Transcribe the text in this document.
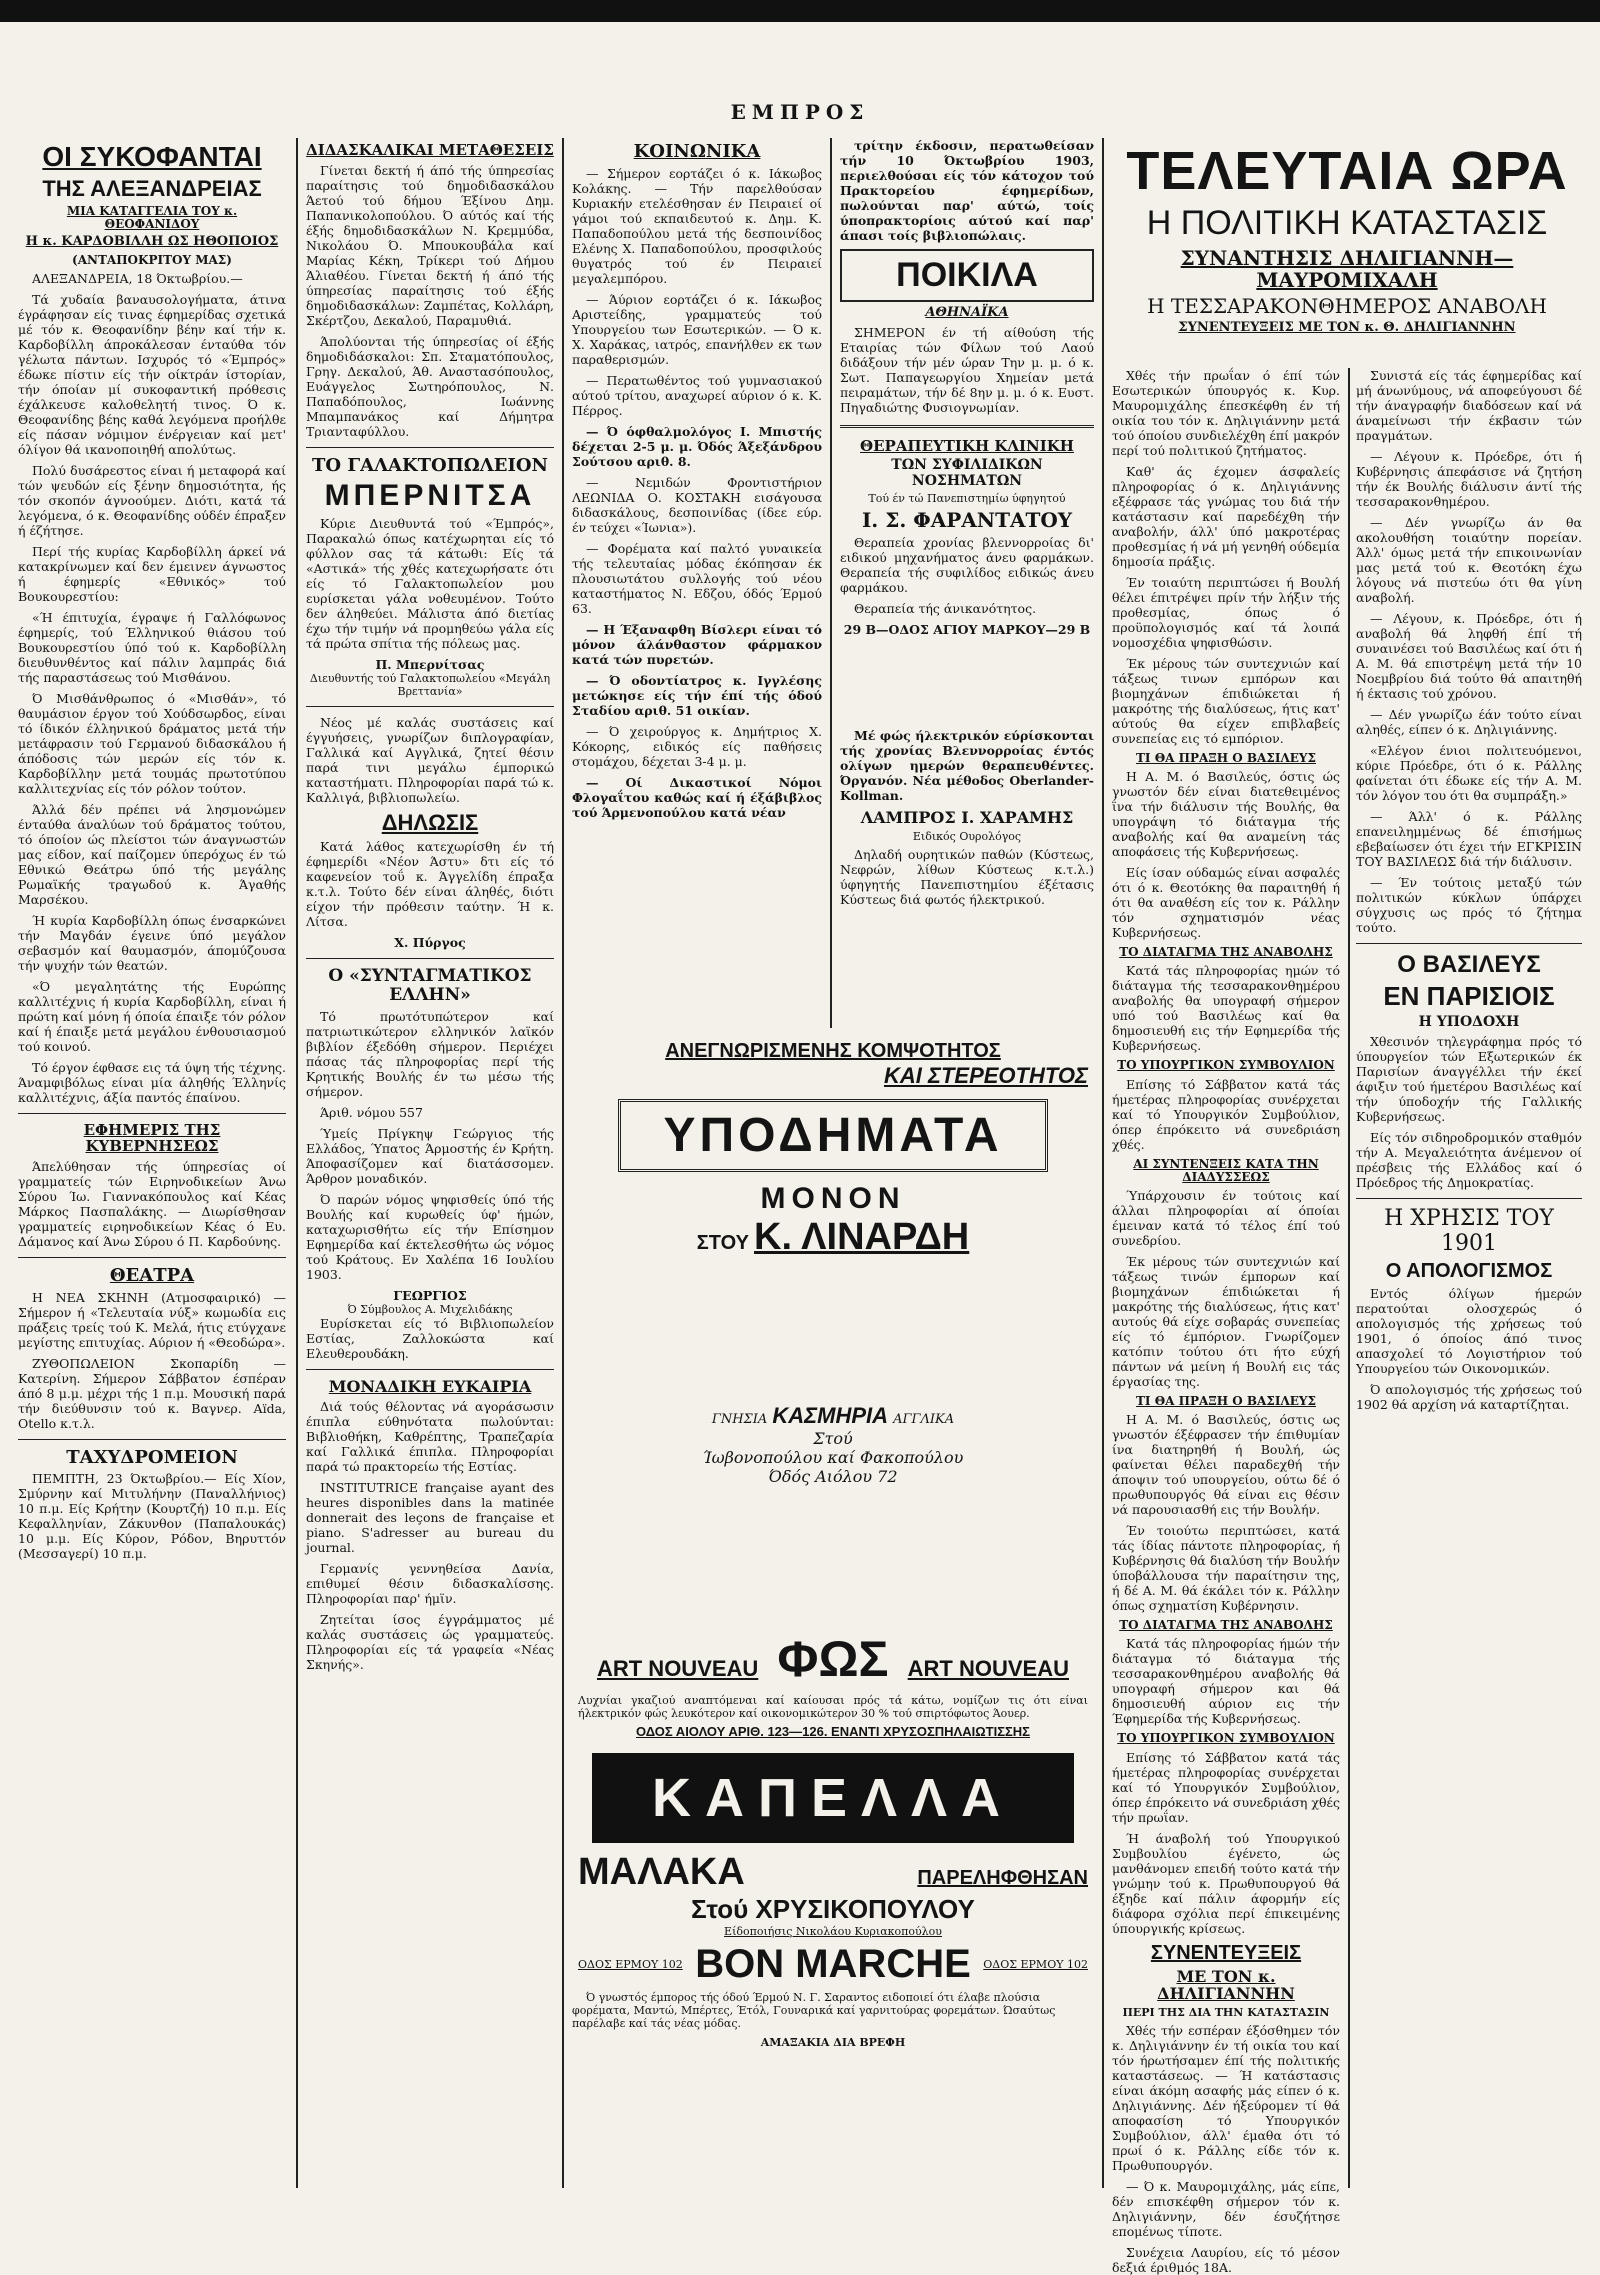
ΕΜΠΡΟΣ
ΟΙ ΣΥΚΟΦΑΝΤΑΙ
ΤΗΣ ΑΛΕΞΑΝΔΡΕΙΑΣ
ΜΙΑ ΚΑΤΑΓΓΕΛΙΑ ΤΟΥ κ. ΘΕΟΦΑΝΙΔΟΥ
Η κ. ΚΑΡΔΟΒΙΛΛΗ ΩΣ ΗΘΟΠΟΙΟΣ
(ΑΝΤΑΠΟΚΡΙΤΟΥ ΜΑΣ)

ΑΛΕΞΑΝΔΡΕΙΑ, 18 Όκτωβρίου.—

Τά χυδαία βαναυσολογήματα, άτινα έγράφησαν είς τινας έφημερίδας σχετικά μέ τόν κ. Θεοφανίδην βέην καί τήν κ. Καρδοβίλλη άπροκάλεσαν ένταύθα τόν γέλωτα πάντων. Ισχυρός τό «Έμπρός» έδωκε πίστιν είς τήν οίκτράν ίστορίαν, τήν όποίαν μί συκοφαντική πρόθεσις έχάλκευσε καλοθελητή τινος. Ό κ. Θεοφανίδης βέης καθά λεγόμενα προήλθε είς πάσαν νόμιμον ένέργειαν καί μετ' όλίγον θά ικανοποιηθή απολύτως.

Πολύ δυσάρεστος είναι ή μεταφορά καί τών ψευδών είς ξένην δημοσιότητα, ής τόν σκοπόν άγνοούμεν. Διότι, κατά τά λεγόμενα, ό κ. Θεοφανίδης ούδέν έπραξεν ή έζήτησε.

Περί τής κυρίας Καρδοβίλλη άρκεί νά κατακρίνωμεν καί δεν έμεινεν άγνωστος ή έφημερίς «Εθνικός» τού Βουκουρεστίου:

«Ή έπιτυχία, έγραψε ή Γαλλόφωνος έφημερίς, τού Έλληνικού θιάσου τού Βουκουρεστίου ύπό τού κ. Καρδοβίλλη διευθυνθέντος καί πάλιν λαμπράς διά τής παραστάσεως τού Μισθάνου.

Ό Μισθάνθρωπος ό «Μισθάν», τό θαυμάσιον έργον τού Χούδσωρδος, είναι τό ίδικόν έλληνικού δράματος μετά τήν μετάφρασιν τού Γερμανού διδασκάλου ή άπόδοσις τών μερών είς τόν κ. Καρδοβίλλην μετά τουμάς πρωτοτύπου καλλιτεχνίας είς τόν ρόλον τούτον.

Άλλά δέν πρέπει νά λησμονώμεν ένταύθα άναλύων τού δράματος τούτου, τό όποίον ώς πλείστοι τών άναγνωστών μας είδον, καί παίζομεν ύπερόχως έν τώ Εθνικώ Θεάτρω ύπό τής μεγάλης Ρωμαϊκής τραγωδού κ. Άγαθής Μαρσέκου.

Ή κυρία Καρδοβίλλη όπως ένσαρκώνει τήν Μαγδάν έγεινε ύπό μεγάλον σεβασμόν καί θαυμασμόν, άπομύζουσα τήν ψυχήν τών θεατών.

«Ό μεγαλητάτης τής Ευρώπης καλλιτέχνις ή κυρία Καρδοβίλλη, είναι ή πρώτη καί μόνη ή όποία έπαιξε τόν ρόλον καί ή έπαιξε μετά μεγάλου ένθουσιασμού τού κοινού.

Τό έργον έφθασε εις τά ύψη τής τέχνης. Άναμφιβόλως είναι μία άληθής Έλληνίς καλλιτέχνις, άξία παντός έπαίνου.

ΕΦΗΜΕΡΙΣ ΤΗΣ ΚΥΒΕΡΝΗΣΕΩΣ

Άπελύθησαν τής ύπηρεσίας οί γραμματείς τών Ειρηνοδικείων Άνω Σύρου Ίω. Γιαννακόπουλος καί Κέας Μάρκος Πασπαλάκης. — Διωρίσθησαν γραμματείς ειρηνοδικείων Κέας ό Ευ. Δάμανος καί Άνω Σύρου ό Π. Καρδούνης.

ΘΕΑΤΡΑ

Η ΝΕΑ ΣΚΗΝΗ (Ατμοσφαιρικό) — Σήμερον ή «Τελευταία νύξ» κωμωδία εις πράξεις τρείς τού Κ. Μελά, ήτις ετύγχανε μεγίστης επιτυχίας. Αύριον ή «Θεοδώρα».

ΖΥΘΟΠΩΛΕΙΟΝ Σκοπαρίδη — Κατερίνη. Σήμερον Σάββατον έσπέραν άπό 8 μ.μ. μέχρι τής 1 π.μ. Μουσική παρά τήν διεύθυνσιν τού κ. Βαγνερ. Aïda, Otello κ.τ.λ.

ΤΑΧΥΔΡΟΜΕΙΟΝ

ΠΕΜΠΤΗ, 23 Όκτωβρίου.— Είς Χίον, Σμύρνην καί Μιτυλήνην (Παναλλήνιος) 10 π.μ. Είς Κρήτην (Κουρτζή) 10 π.μ. Είς Κεφαλληνίαν, Ζάκυνθον (Παπαλουκάς) 10 μ.μ. Είς Κύρον, Ρόδον, Βηρυττόν (Μεσσαγερί) 10 π.μ.

ΔΙΔΑΣΚΑΛΙΚΑΙ ΜΕΤΑΘΕΣΕΙΣ

Γίνεται δεκτή ή άπό τής ύπηρεσίας παραίτησις τού δημοδιδασκάλου Άετού τού δήμου Έξίνου Δημ. Παπανικολοπούλου. Ό αύτός καί τής έξής δημοδιδασκάλων Ν. Κρεμμύδα, Νικολάου Ό. Μπουκουβάλα καί Μαρίας Κέκη, Τρίκερι τού Δήμου Άλιαθέου. Γίνεται δεκτή ή άπό τής ύπηρεσίας παραίτησις τού έξής δημοδιδασκάλων: Ζαμπέτας, Κολλάρη, Σκέρτζου, Δεκαλού, Παραμυθιά.

Άπολύονται τής ύπηρεσίας οί έξής δημοδιδάσκαλοι: Σπ. Σταματόπουλος, Γρηγ. Δεκαλού, Άθ. Αναστασόπουλος, Ευάγγελος Σωτηρόπουλος, Ν. Παπαδόπουλος, Ιωάννης Μπαμπανάκος καί Δήμητρα Τριανταφύλλου.

ΤΟ ΓΑΛΑΚΤΟΠΩΛΕΙΟΝ
ΜΠΕΡΝΙΤΣΑ

Κύριε Διευθυντά τού «Έμπρός», Παρακαλώ όπως κατέχωρηται είς τό φύλλον σας τά κάτωθι: Είς τά «Αστικά» τής χθές κατεχωρήσατε ότι είς τό Γαλακτοπωλείον μου ευρίσκεται γάλα νοθευμένον. Τούτο δεν άληθεύει. Μάλιστα άπό διετίας έχω τήν τιμήν νά προμηθεύω γάλα είς τά πρώτα σπίτια τής πόλεως μας.

Π. Μπερνίτσας
Διευθυντής τού Γαλακτοπωλείου «Μεγάλη Βρεττανία»

Νέος μέ καλάς συστάσεις καί έγγυήσεις, γνωρίζων διπλογραφίαν, Γαλλικά καί Αγγλικά, ζητεί θέσιν παρά τινι μεγάλω έμπορικώ καταστήματι. Πληροφορίαι παρά τώ κ. Καλλιγά, βιβλιοπωλείω.

ΔΗΛΩΣΙΣ

Κατά λάθος κατεχωρίσθη έν τή έφημερίδι «Νέον Άστυ» δτι είς τό καφενείον τοΰ κ. Άγγελίδη έπραξα κ.τ.λ. Τούτο δέν είναι άληθές, διότι είχον τήν πρόθεσιν ταύτην. Ή κ. Λίτσα.

Χ. Πύργος
Ο «ΣΥΝΤΑΓΜΑΤΙΚΟΣ ΕΛΛΗΝ»

Τό πρωτότυπώτερον καί πατριωτικώτερον ελληνικόν λαϊκόν βιβλίον έξεδόθη σήμερον. Περιέχει πάσας τάς πληροφορίας περί τής Κρητικής Βουλής έν τω μέσω τής σήμερον.

Άριθ. νόμου 557

Ύμείς Πρίγκηψ Γεώργιος τής Ελλάδος, Ύπατος Άρμοστής έν Κρήτη. Άποφασίζομεν καί διατάσσομεν. Άρθρον μοναδικόν.

Ό παρών νόμος ψηφισθείς ύπό τής Βουλής καί κυρωθείς ύφ' ήμών, καταχωρισθήτω είς τήν Επίσημον Εφημερίδα καί έκτελεσθήτω ώς νόμος τού Κράτους. Εν Χαλέπα 16 Ιουλίου 1903.

ΓΕΩΡΓΙΟΣ
Ό Σύμβουλος Α. Μιχελιδάκης

Ευρίσκεται είς τό Βιβλιοπωλείον Εστίας, Ζαλλοκώστα καί Ελευθερουδάκη.

ΜΟΝΑΔΙΚΗ ΕΥΚΑΙΡΙΑ

Διά τούς θέλοντας νά αγοράσωσιν έπιπλα εύθηνότατα πωλούνται: Βιβλιοθήκη, Καθρέπτης, Τραπεζαρία καί Γαλλικά έπιπλα. Πληροφορίαι παρά τώ πρακτορείω τής Εστίας.

INSTITUTRICE française ayant des heures disponibles dans la matinée donnerait des leçons de française et piano. S'adresser au bureau du journal.

Γερμανίς γεννηθείσα Δανία, επιθυμεί θέσιν διδασκαλίσσης. Πληροφορίαι παρ' ήμϊν.

Ζητείται ίσος έγγράμματος μέ καλάς συστάσεις ώς γραμματεύς. Πληροφορίαι είς τά γραφεία «Νέας Σκηνής».

ΚΟΙΝΩΝΙΚΑ

— Σήμερον εορτάζει ό κ. Ιάκωβος Κολάκης. — Τήν παρελθούσαν Κυριακήν ετελέσθησαν έν Πειραιεί οί γάμοι τού εκπαιδευτού κ. Δημ. Κ. Παπαδοπούλου μετά τής δεσποινίδος Ελένης Χ. Παπαδοπούλου, προσφιλούς θυγατρός τού έν Πειραιεί μεγαλεμπόρου.

— Άύριον εορτάζει ό κ. Ιάκωβος Αριστείδης, γραμματεύς τού Υπουργείου των Εσωτερικών. — Ό κ. Χ. Χαράκας, ιατρός, επανήλθεν εκ των παραθερισμών.

— Περατωθέντος τού γυμνασιακού αύτού τρίτου, αναχωρεί αύριον ό κ. Κ. Πέρρος.

— Ό όφθαλμολόγος Ι. Μπιστής δέχεται 2-5 μ. μ. Όδός Άξεξάνδρου Σούτσου αριθ. 8.

— Νεμιδών Φροντιστήριον ΛΕΩΝΙΔΑ Ο. ΚΟΣΤΑΚΗ εισάγουσα διδασκάλους, δεσποινίδας (ίδεε εύρ. έν τεύχει «Ίωνια»).

— Φορέματα καί παλτό γυναικεία τής τελευταίας μόδας έκόπησαν έκ πλουσιωτάτου συλλογής τού νέου καταστήματος Ν. Εδζου, όδός Έρμού 63.

— Η Έξαναφθη Βίσλερι είναι τό μόνον άλάνθαστον φάρμακον κατά τών πυρετών.

— Ό οδοντίατρος κ. Ιγγλέσης μετώκησε είς τήν έπί τής όδού Σταδίου αριθ. 51 οικίαν.

— Ό χειρούργος κ. Δημήτριος Χ. Κόκορης, ειδικός είς παθήσεις στομάχου, δέχεται 3-4 μ. μ.

— Οί Δικαστικοί Νόμοι Φλογαΐτου καθώς καί ή έξάβιβλος τού Άρμενοπούλου κατά νέαν

ΑΝΕΓΝΩΡΙΣΜΕΝΗΣ ΚΟΜΨΟΤΗΤΟΣ
ΚΑΙ ΣΤΕΡΕΟΤΗΤΟΣ
ΥΠΟΔΗΜΑΤΑ
ΜΟΝΟΝ
ΣΤΟΥ Κ. ΛΙΝΑΡΔΗ
ΓΝΗΣΙΑ ΚΑΣΜΗΡΙΑ ΑΓΓΛΙΚΑ
Στού
Ίωβονοπούλου καί Φακοπούλου
Όδός Αιόλου 72
ART NOUVEAU ΦΩΣ ART NOUVEAU
Λυχνίαι γκαζιού αναπτόμεναι καί καίουσαι πρός τά κάτω, νομίζων τις ότι είναι ήλεκτρικόν φώς λευκότερον καί οικονομικώτερον 30 % τού σπιρτόφωτος Άουερ.
ΟΔΟΣ ΑΙΟΛΟΥ ΑΡΙΘ. 123—126. ΕΝΑΝΤΙ ΧΡΥΣΟΣΠΗΛΑΙΩΤΙΣΣΗΣ
ΚΑΠΕΛΛΑ
ΜΑΛΑΚΑ	ΠΑΡΕΛΗΦΘΗΣΑΝ
Στού ΧΡΥΣΙΚΟΠΟΥΛΟΥ
Είδοποιήσις Νικολάου Κυριακοπούλου
ΟΔΟΣ ΕΡΜΟΥ 102 BON MARCHE ΟΔΟΣ ΕΡΜΟΥ 102

Ό γνωστός έμπορος τής όδού Έρμού Ν. Γ. Σαραντος ειδοποιεί ότι έλαβε πλούσια φορέματα, Μαντώ, Μπέρτες, Έτόλ, Γουναρικά καί γαρνιτούρας φορεμάτων. Ώσαύτως παρέλαβε καί τάς νέας μόδας.

ΑΜΑΞΑΚΙΑ ΔΙΑ ΒΡΕΦΗ

τρίτην έκδοσιν, περατωθείσαν τήν 10 Όκτωβρίου 1903, περιελθούσαι είς τόν κάτοχον τού Πρακτορείου έφημερίδων, πωλούνται παρ' αύτώ, τοίς ύποπρακτορίοις αύτού καί παρ' άπασι τοίς βιβλιοπώλαις.

ΠΟΙΚΙΛΑ
ΑΘΗΝΑΪΚΑ

ΣΗΜΕΡΟΝ έν τή αίθούση τής Εταιρίας τών Φίλων τού Λαού διδάξουν τήν μέν ώραν Την μ. μ. ό κ. Σωτ. Παπαγεωργίου Χημείαν μετά πειραμάτων, τήν δέ 8ην μ. μ. ό κ. Ευστ. Πηγαδιώτης Φυσιογνωμίαν.

ΘΕΡΑΠΕΥΤΙΚΗ ΚΛΙΝΙΚΗ
ΤΩΝ ΣΥΦΙΛΙΔΙΚΩΝ ΝΟΣΗΜΑΤΩΝ
Τού έν τώ Πανεπιστημίω ύφηγητού
Ι. Σ. ΦΑΡΑΝΤΑΤΟΥ

Θεραπεία χρονίας βλεννορροίας δι' ειδικού μηχανήματος άνευ φαρμάκων. Θεραπεία τής συφιλίδος ειδικώς άνευ φαρμάκου.

Θεραπεία τής άνικανότητος.

29 Β—ΟΔΟΣ ΑΓΙΟΥ ΜΑΡΚΟΥ—29 Β

Μέ φώς ήλεκτρικόν εύρίσκονται τής χρονίας Βλεννορροίας έντός ολίγων ημερών θεραπευθέντες. Όργανόν. Νέα μέθοδος Oberlander-Kollman.

ΛΑΜΠΡΟΣ Ι. ΧΑΡΑΜΗΣ
Ειδικός Ουρολόγος

Δηλαδή ουρητικών παθών (Κύστεως, Νεφρών, λίθων Κύστεως κ.τ.λ.) ύφηγητής Πανεπιστημίου έξέτασις Κύστεως διά φωτός ήλεκτρικού.

ΤΕΛΕΥΤΑΙΑ ΩΡΑ
Η ΠΟΛΙΤΙΚΗ ΚΑΤΑΣΤΑΣΙΣ
ΣΥΝΑΝΤΗΣΙΣ ΔΗΛΙΓΙΑΝΝΗ—ΜΑΥΡΟΜΙΧΑΛΗ
Η ΤΕΣΣΑΡΑΚΟΝΘΗΜΕΡΟΣ ΑΝΑΒΟΛΗ
ΣΥΝΕΝΤΕΥΞΕΙΣ ΜΕ ΤΟΝ κ. Θ. ΔΗΛΙΓΙΑΝΝΗΝ

Χθές τήν πρωΐαν ό έπί τών Εσωτερικών ύπουργός κ. Κυρ. Μαυρομιχάλης έπεσκέφθη έν τή οικία του τόν κ. Δηλιγιάννην μετά τού όποίου συνδιελέχθη έπί μακρόν περί τού πολιτικού ζητήματος.

Καθ' άς έχομεν άσφαλείς πληροφορίας ό κ. Δηλιγιάννης εξέφρασε τάς γνώμας του διά τήν κατάστασιν καί παρεδέχθη τήν αναβολήν, άλλ' ύπό μακροτέρας προθεσμίας ή νά μή γενηθή ούδεμία δημοσία πράξις.

Έν τοιαύτη περιπτώσει ή Βουλή θέλει έπιτρέψει πρίν τήν λήξιν τής προθεσμίας, όπως ό προϋπολογισμός καί τά λοιπά νομοσχέδια ψηφισθώσιν.

Έκ μέρους τών συντεχνιών καί τάξεως τινων εμπόρων και βιομηχάνων έπιδιώκεται ή μακρότης τής διαλύσεως, ήτις κατ' αύτούς θα είχεν επιβλαβείς συνεπείας εις τό εμπόριον.

ΤΙ ΘΑ ΠΡΑΞΗ Ο ΒΑΣΙΛΕΥΣ

Η Α. Μ. ό Βασιλεύς, όστις ώς γνωστόν δέν είναι διατεθειμένος ΐνα τήν διάλυσιν τής Βουλής, θα υπογράψη τό διάταγμα τής αναβολής καί θα αναμείνη τάς αποφάσεις τής Κυβερνήσεως.

Είς ίσαν ούδαμώς είναι ασφαλές ότι ό κ. Θεοτόκης θα παραιτηθή ή ότι θα αναθέση είς τον κ. Ράλλην τόν σχηματισμόν νέας Κυβερνήσεως.

ΤΟ ΔΙΑΤΑΓΜΑ ΤΗΣ ΑΝΑΒΟΛΗΣ

Κατά τάς πληροφορίας ημών τό διάταγμα τής τεσσαρακονθημέρου αναβολής θα υπογραφή σήμερον υπό τού Βασιλέως καί θα δημοσιευθή εις τήν Εφημερίδα τής Κυβερνήσεως.

ΤΟ ΥΠΟΥΡΓΙΚΟΝ ΣΥΜΒΟΥΛΙΟΝ

Επίσης τό Σάββατον κατά τάς ήμετέρας πληροφορίας συνέρχεται καί τό Υπουργικόν Συμβούλιον, όπερ έπρόκειτο νά συνεδριάση χθές.

ΑΙ ΣΥΝΤΕΝΞΕΙΣ ΚΑΤΑ ΤΗΝ ΔΙΑΔΥΣΣΕΩΣ

Ύπάρχουσιν έν τούτοις καί άλλαι πληροφορίαι αί όποίαι έμειναν κατά τό τέλος έπί τού συνεδρίου.

Έκ μέρους τών συντεχνιών καί τάξεως τινών έμπορων καί βιομηχάνων έπιδιώκεται ή μακρότης τής διαλύσεως, ήτις κατ' αυτούς θά είχε σοβαράς συνεπείας είς τό έμπόριον. Γνωρίζομεν κατόπιν τούτου ότι ήτο εύχή πάντων νά μείνη ή Βουλή εις τάς έργασίας της.

ΤΙ ΘΑ ΠΡΑΞΗ Ο ΒΑΣΙΛΕΥΣ

Η Α. Μ. ό Βασιλεύς, όστις ως γνωστόν έξέφρασεν τήν έπιθυμίαν ίνα διατηρηθή ή Βουλή, ώς φαίνεται θέλει παραδεχθή τήν άποψιν τού υπουργείου, ούτω δέ ό πρωθυπουργός θά είναι εις θέσιν νά παρουσιασθή εις τήν Βουλήν.

Έν τοιούτω περιπτώσει, κατά τάς ίδίας πάντοτε πληροφορίας, ή Κυβέρνησις θά διαλύση τήν Βουλήν ύποβάλλουσα τήν παραίτησιν της, ή δέ Α. Μ. θά έκάλει τόν κ. Ράλλην όπως σχηματίση Κυβέρνησιν.

ΤΟ ΔΙΑΤΑΓΜΑ ΤΗΣ ΑΝΑΒΟΛΗΣ

Κατά τάς πληροφορίας ήμών τήν διάταγμα τό διάταγμα τής τεσσαρακονθημέρου αναβολής θά υπογραφή σήμερον και θά δημοσιευθή αύριον εις τήν Έφημερίδα τής Κυβερνήσεως.

ΤΟ ΥΠΟΥΡΓΙΚΟΝ ΣΥΜΒΟΥΛΙΟΝ

Επίσης τό Σάββατον κατά τάς ήμετέρας πληροφορίας συνέρχεται καί τό Υπουργικόν Συμβούλιον, όπερ έπρόκειτο νά συνεδριάση χθές τήν πρωΐαν.

Ή άναβολή τού Υπουργικού Συμβουλίου έγένετο, ώς μανθάνομεν επειδή τούτο κατά τήν γνώμην τού κ. Πρωθυπουργού θά έξηδε καί πάλιν άφορμήν είς διάφορα σχόλια περί έπικειμένης ύπουργικής κρίσεως.

ΣΥΝΕΝΤΕΥΞΕΙΣ
ΜΕ ΤΟΝ κ. ΔΗΛΙΓΙΑΝΝΗΝ
ΠΕΡΙ ΤΗΣ ΔΙΑ ΤΗΝ ΚΑΤΑΣΤΑΣΙΝ

Χθές τήν εσπέραν έξόσθημεν τόν κ. Δηλιγιάννην έν τή οικία του καί τόν ήρωτήσαμεν έπί τής πολιτικής καταστάσεως. — Ή κατάστασις είναι άκόμη ασαφής μάς είπεν ό κ. Δηλιγιάννης. Δέν ήξεύρομεν τί θά αποφασίση τό Υπουργικόν Συμβούλιον, άλλ' έμαθα ότι τό πρωί ό κ. Ράλλης είδε τόν κ. Πρωθυπουργόν.

— Ό κ. Μαυρομιχάλης, μάς είπε, δέν επισκέφθη σήμερον τόν κ. Δηλιγιάννην, δέν έσυζήτησε επομένως τίποτε.

Συνέχεια Λαυρίου, είς τό μέσον δεξιά έριθμός 18Α.

Συνιστά είς τάς έφημερίδας καί μή άνωνύμους, νά αποφεύγουσι δέ τήν άναγραφήν διαδόσεων καί νά άναμείνωσι τήν έκβασιν τών πραγμάτων.

— Λέγουν κ. Πρόεδρε, ότι ή Κυβέρνησις άπεφάσισε νά ζητήση τήν έκ Βουλής διάλυσιν άντί τής τεσσαρακονθημέρου.

— Δέν γνωρίζω άν θα ακολουθήση τοιαύτην πορείαν. Άλλ' όμως μετά τήν επικοινωνίαν μας μετά τού κ. Θεοτόκη έχω λόγους νά πιστεύω ότι θα γίνη αναβολή.

— Λέγουν, κ. Πρόεδρε, ότι ή αναβολή θά ληφθή έπί τή συναινέσει τού Βασιλέως καί ότι ή Α. Μ. θά επιστρέψη μετά τήν 10 Νοεμβρίου διά τούτο θά απαιτηθή ή έκτασις τού χρόνου.

— Δέν γνωρίζω έάν τούτο είναι αληθές, είπεν ό κ. Δηλιγιάννης.

«Ελέγον ένιοι πολιτευόμενοι, κύριε Πρόεδρε, ότι ό κ. Ράλλης φαίνεται ότι έδωκε είς τήν Α. Μ. τόν λόγον του ότι θα συμπράξη.»

— Άλλ' ό κ. Ράλλης επανειλημμένως δέ έπισήμως εβεβαίωσεν ότι έχει τήν ΕΓΚΡΙΣΙΝ ΤΟΥ ΒΑΣΙΛΕΩΣ διά τήν διάλυσιν.

— Έν τούτοις μεταξύ τών πολιτικών κύκλων ύπάρχει σύγχυσις ως πρός τό ζήτημα τούτο.

Ο ΒΑΣΙΛΕΥΣ
ΕΝ ΠΑΡΙΣΙΟΙΣ
Η ΥΠΟΔΟΧΗ

Χθεσινόν τηλεγράφημα πρός τό ύπουργείον τών Εξωτερικών έκ Παρισίων άναγγέλλει τήν έκεί άφιξιν τού ήμετέρου Βασιλέως καί τήν ύποδοχήν τής Γαλλικής Κυβερνήσεως.

Είς τόν σιδηροδρομικόν σταθμόν τήν Α. Μεγαλειότητα άνέμενον οί πρέσβεις τής Ελλάδος καί ό Πρόεδρος τής Δημοκρατίας.

Η ΧΡΗΣΙΣ ΤΟΥ 1901
Ο ΑΠΟΛΟΓΙΣΜΟΣ

Εντός όλίγων ήμερών περατούται ολοσχερώς ό απολογισμός τής χρήσεως τού 1901, ό όποίος άπό τινος απασχολεί τό Λογιστήριον τού Υπουργείου τών Οικονομικών.

Ό απολογισμός τής χρήσεως τού 1902 θά αρχίση νά καταρτίζηται.
